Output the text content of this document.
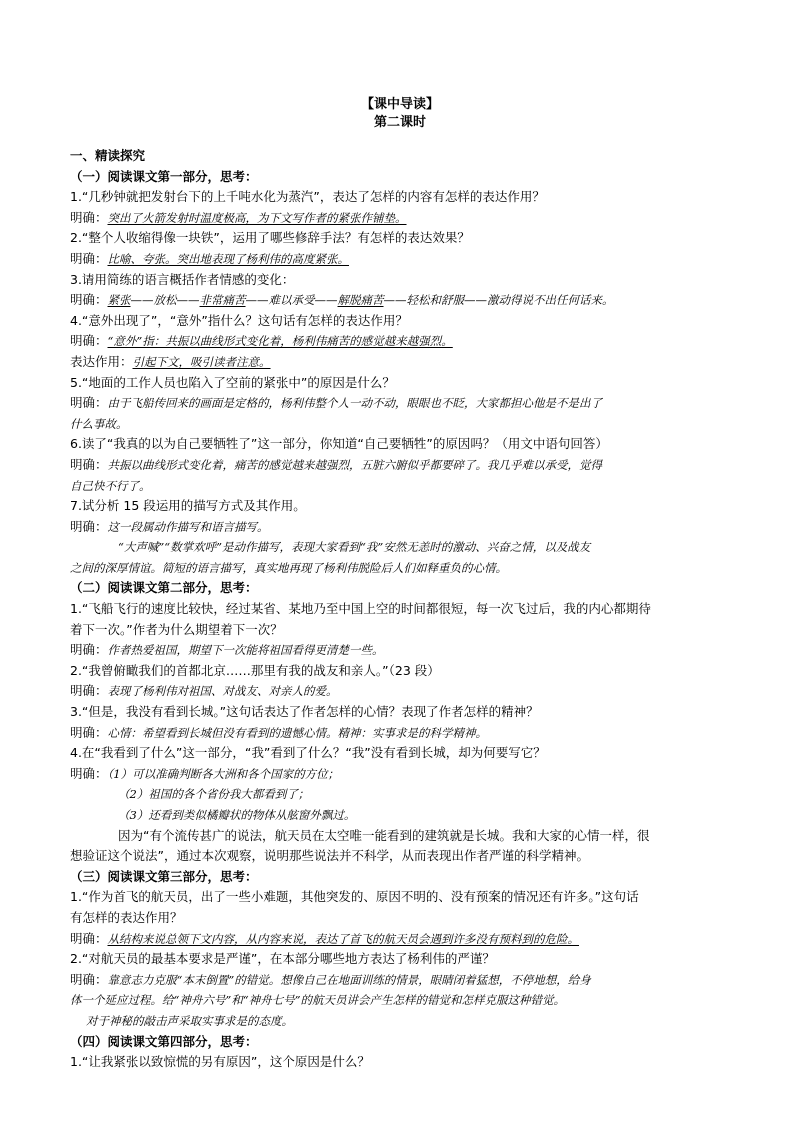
【课中导读】
第二课时
一、精读探究
（一）阅读课文第一部分，思考：
1.“几秒钟就把发射台下的上千吨水化为蒸汽”，表达了怎样的内容有怎样的表达作用？
明确：突出了火箭发射时温度极高，为下文写作者的紧张作铺垫。
2.“整个人收缩得像一块铁”，运用了哪些修辞手法？有怎样的表达效果？
明确：比喻、夸张。突出地表现了杨利伟的高度紧张。
3.请用简练的语言概括作者情感的变化：
明确：紧张——放松——非常痛苦——难以承受——解脱痛苦——轻松和舒服——激动得说不出任何话来。
4.“意外出现了”，“意外”指什么？这句话有怎样的表达作用？
明确：“意外”指：共振以曲线形式变化着，杨利伟痛苦的感觉越来越强烈。
表达作用：引起下文，吸引读者注意。
5.“地面的工作人员也陷入了空前的紧张中”的原因是什么？
明确：由于飞船传回来的画面是定格的，杨利伟整个人一动不动，眼眼也不眨，大家都担心他是不是出了
什么事故。
6.读了“我真的以为自己要牺牲了”这一部分，你知道“自己要牺牲”的原因吗？（用文中语句回答）
明确：共振以曲线形式变化着，痛苦的感觉越来越强烈，五脏六腑似乎都要碎了。我几乎难以承受，觉得
自己快不行了。
7.试分析 15 段运用的描写方式及其作用。
明确：这一段属动作描写和语言描写。
“大声喊”“数掌欢呼”是动作描写，表现大家看到“我”安然无恙时的激动、兴奋之情，以及战友
之间的深厚情谊。简短的语言描写，真实地再现了杨利伟脱险后人们如释重负的心情。
（二）阅读课文第二部分，思考：
1.“飞船飞行的速度比较快，经过某省、某地乃至中国上空的时间都很短，每一次飞过后，我的内心都期待
着下一次。”作者为什么期望着下一次？
明确：作者热爱祖国，期望下一次能将祖国看得更清楚一些。
2.“我曾俯瞰我们的首都北京……那里有我的战友和亲人。”（23 段）
明确：表现了杨利伟对祖国、对战友、对亲人的爱。
3.“但是，我没有看到长城。”这句话表达了作者怎样的心情？表现了作者怎样的精神？
明确：心情：希望看到长城但没有看到的遗憾心情。精神：实事求是的科学精神。
4.在“我看到了什么”这一部分，“我”看到了什么？“我”没有看到长城，却为何要写它？
明确：（1）可以准确判断各大洲和各个国家的方位；
（2）祖国的各个省份我大都看到了；
（3）还看到类似橘瓣状的物体从舷窗外飘过。
因为“有个流传甚广的说法，航天员在太空唯一能看到的建筑就是长城。我和大家的心情一样，很
想验证这个说法”，通过本次观察，说明那些说法并不科学，从而表现出作者严谨的科学精神。
（三）阅读课文第三部分，思考：
1.“作为首飞的航天员，出了一些小难题，其他突发的、原因不明的、没有预案的情况还有许多。”这句话
有怎样的表达作用？
明确：从结构来说总领下文内容，从内容来说，表达了首飞的航天员会遇到许多没有预料到的危险。
2.“对航天员的最基本要求是严谨”，在本部分哪些地方表达了杨利伟的严谨？
明确：靠意志力克服“本末倒置”的错觉。想像自己在地面训练的情景，眼睛闭着猛想，不停地想，给身
体一个延应过程。给“神舟六号”和“神舟七号”的航天员讲会产生怎样的错觉和怎样克服这种错觉。
对于神秘的敲击声采取实事求是的态度。
（四）阅读课文第四部分，思考：
1.“让我紧张以致惊慌的另有原因”，这个原因是什么？
